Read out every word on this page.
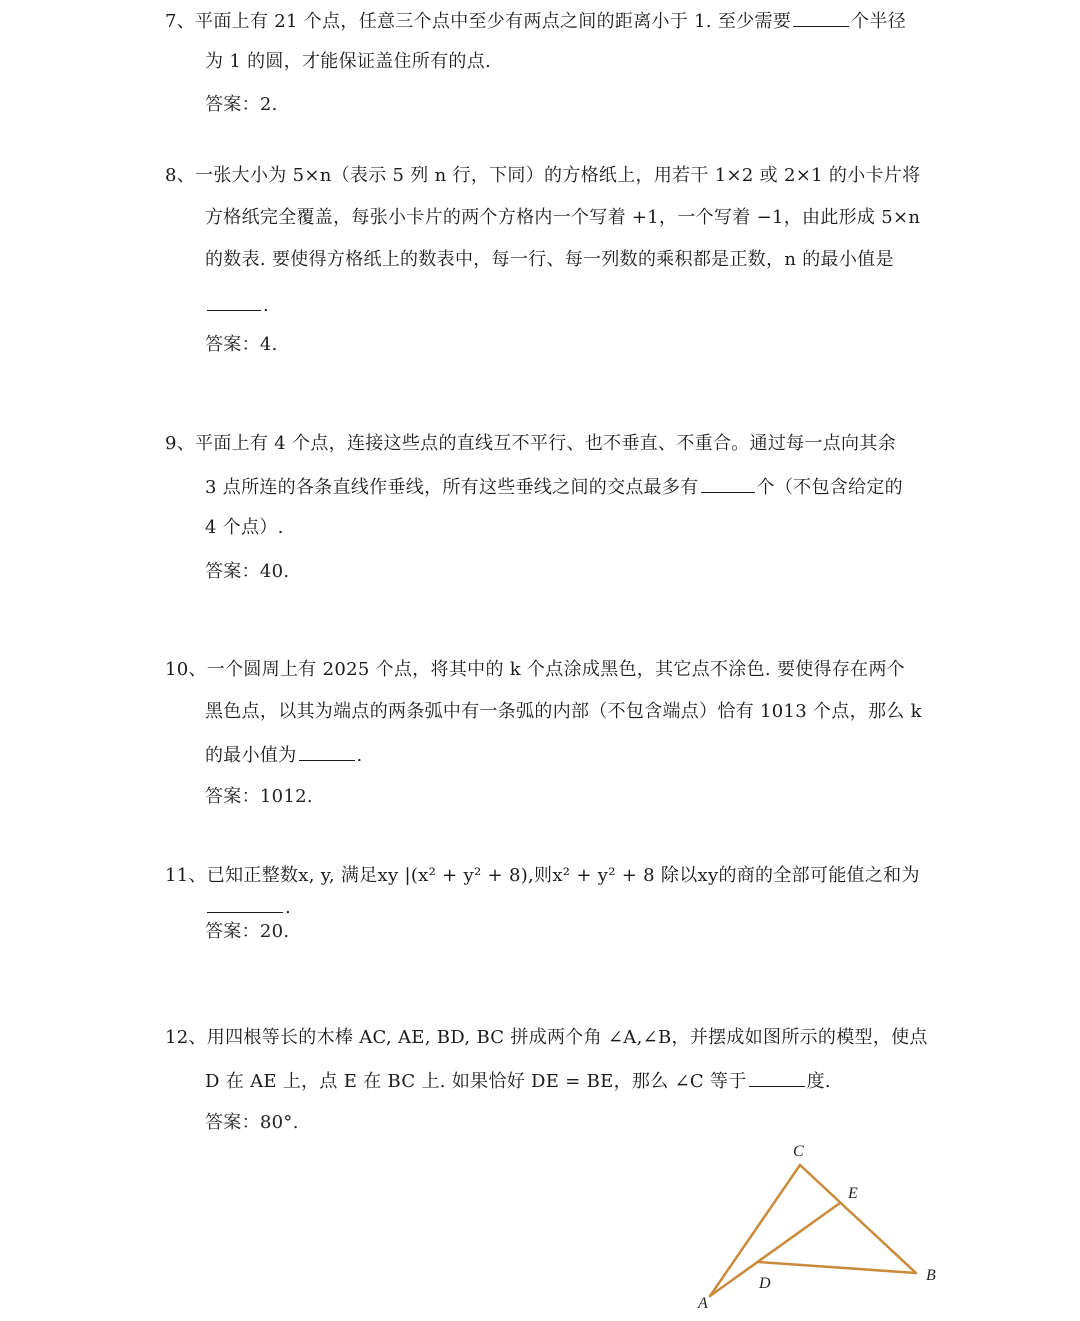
7、平面上有 21 个点，任意三个点中至少有两点之间的距离小于 1. 至少需要	个半径
为 1 的圆，才能保证盖住所有的点.
答案：2.
8、一张大小为 5×n（表示 5 列 n 行，下同）的方格纸上，用若干 1×2 或 2×1 的小卡片将
方格纸完全覆盖，每张小卡片的两个方格内一个写着 +1，一个写着 −1，由此形成 5×n
的数表. 要使得方格纸上的数表中，每一行、每一列数的乘积都是正数，n 的最小值是
.
答案：4.
9、平面上有 4 个点，连接这些点的直线互不平行、也不垂直、不重合。通过每一点向其余
3 点所连的各条直线作垂线，所有这些垂线之间的交点最多有	个（不包含给定的
4 个点）.
答案：40.
10、一个圆周上有 2025 个点，将其中的 k 个点涂成黑色，其它点不涂色. 要使得存在两个
黑色点，以其为端点的两条弧中有一条弧的内部（不包含端点）恰有 1013 个点，那么 k
的最小值为	.
答案：1012.
11、已知正整数x, y, 满足xy |(x² + y² + 8),则x² + y² + 8 除以xy的商的全部可能值之和为
.
答案：20.
12、用四根等长的木棒 AC, AE, BD, BC 拼成两个角 ∠A,∠B，并摆成如图所示的模型，使点
D 在 AE 上，点 E 在 BC 上. 如果恰好 DE = BE，那么 ∠C 等于	度.
答案：80°.
A
B
C
D
E
